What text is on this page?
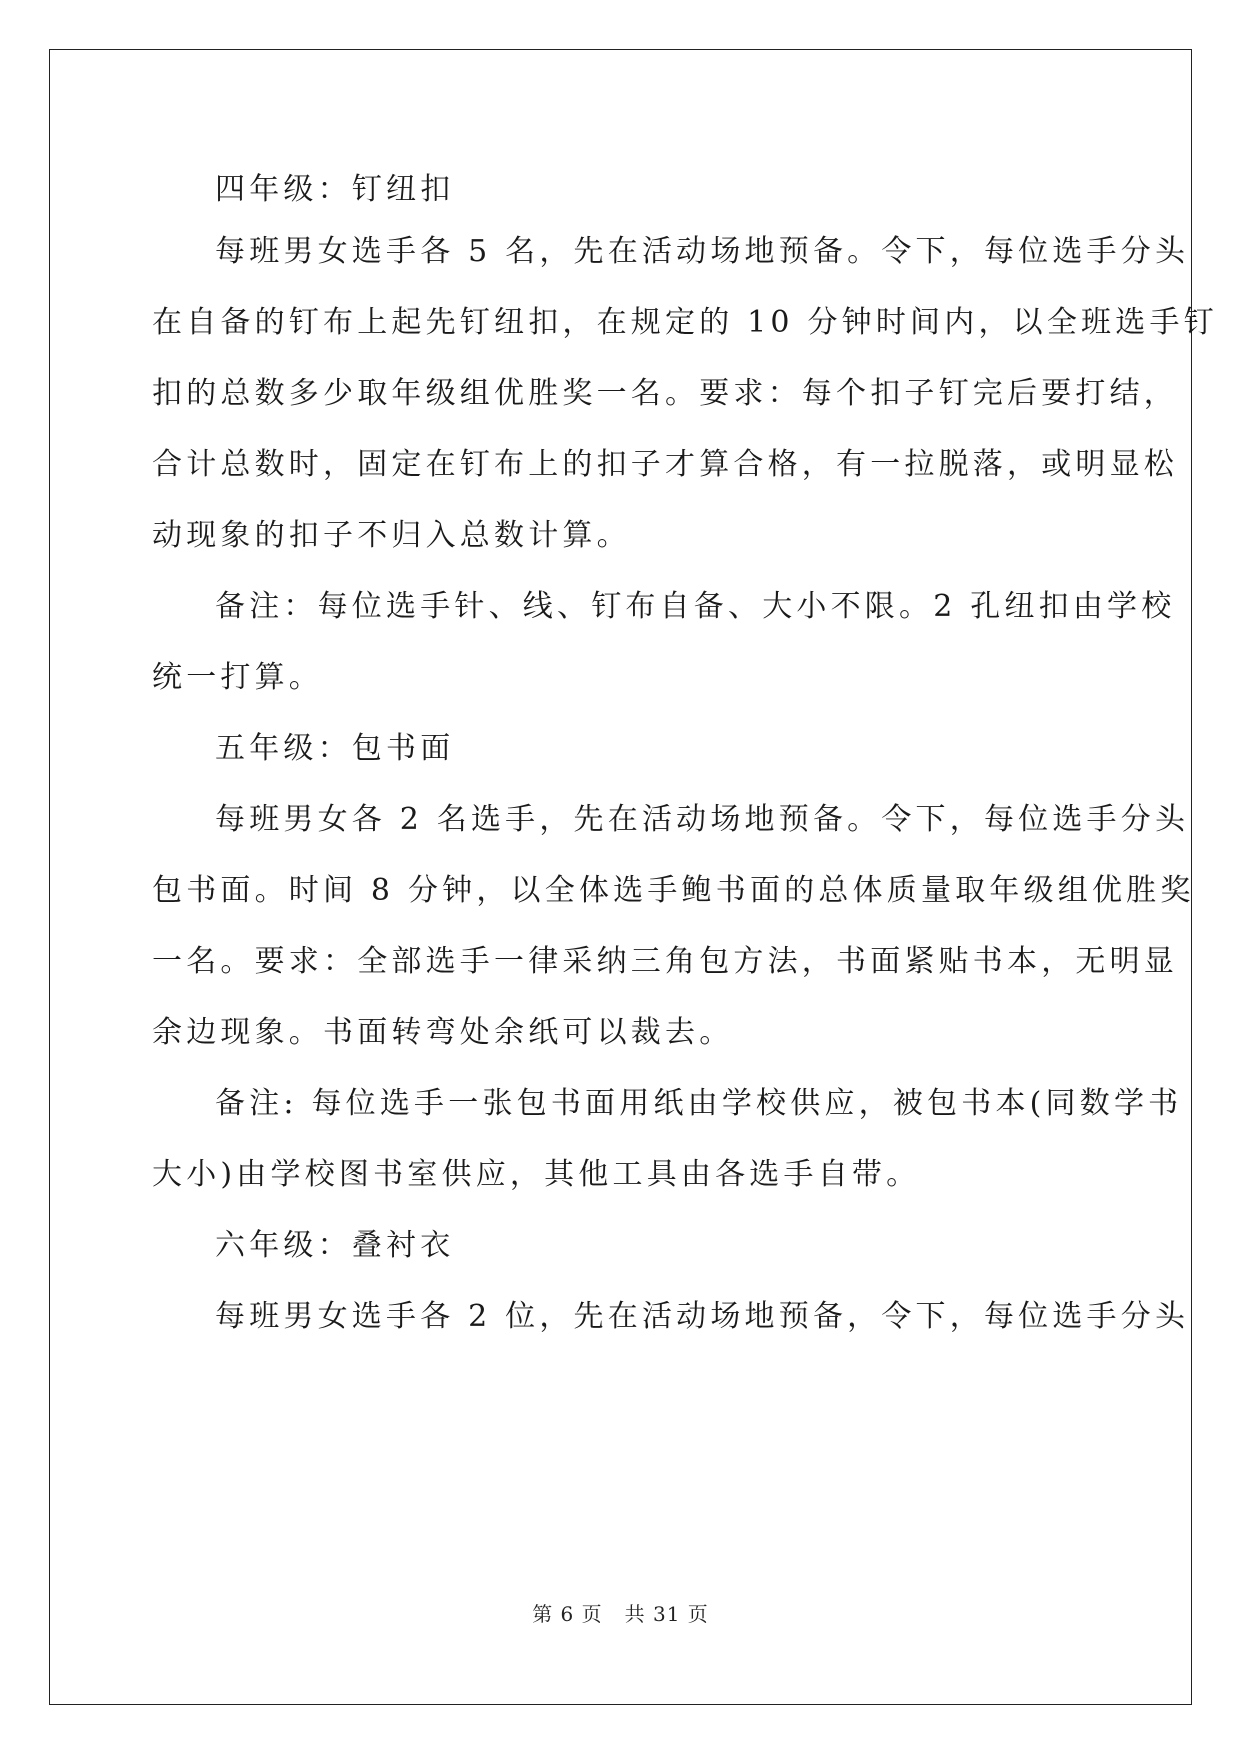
四年级：钉纽扣
每班男女选手各 5 名，先在活动场地预备。令下，每位选手分头
在自备的钉布上起先钉纽扣，在规定的 10 分钟时间内，以全班选手钉
扣的总数多少取年级组优胜奖一名。要求：每个扣子钉完后要打结，
合计总数时，固定在钉布上的扣子才算合格，有一拉脱落，或明显松
动现象的扣子不归入总数计算。
备注：每位选手针、线、钉布自备、大小不限。2 孔纽扣由学校
统一打算。
五年级：包书面
每班男女各 2 名选手，先在活动场地预备。令下，每位选手分头
包书面。时间 8 分钟，以全体选手鲍书面的总体质量取年级组优胜奖
一名。要求：全部选手一律采纳三角包方法，书面紧贴书本，无明显
余边现象。书面转弯处余纸可以裁去。
备注: 每位选手一张包书面用纸由学校供应，被包书本(同数学书
大小)由学校图书室供应，其他工具由各选手自带。
六年级：叠衬衣
每班男女选手各 2 位，先在活动场地预备，令下，每位选手分头
第 6 页 共 31 页
